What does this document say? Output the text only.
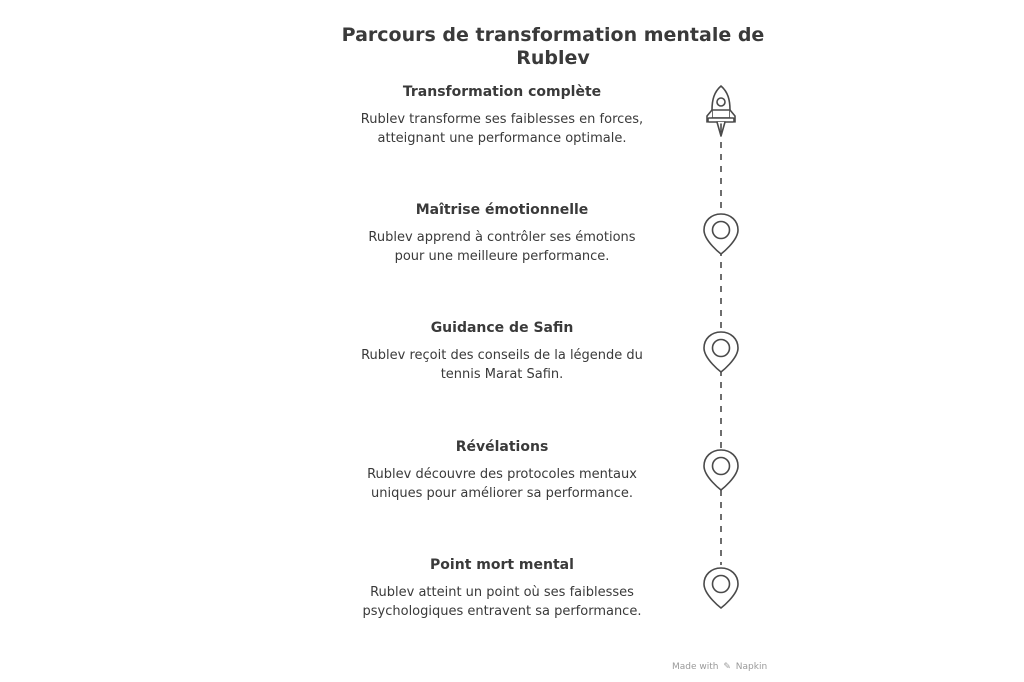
Parcours de transformation mentale de Rublev
Transformation complète
Rublev transforme ses faiblesses en forces, atteignant une performance optimale.
Maîtrise émotionnelle
Rublev apprend à contrôler ses émotions pour une meilleure performance.
Guidance de Safin
Rublev reçoit des conseils de la légende du tennis Marat Safin.
Révélations
Rublev découvre des protocoles mentaux uniques pour améliorer sa performance.
Point mort mental
Rublev atteint un point où ses faiblesses psychologiques entravent sa performance.
Made with ✎ Napkin
